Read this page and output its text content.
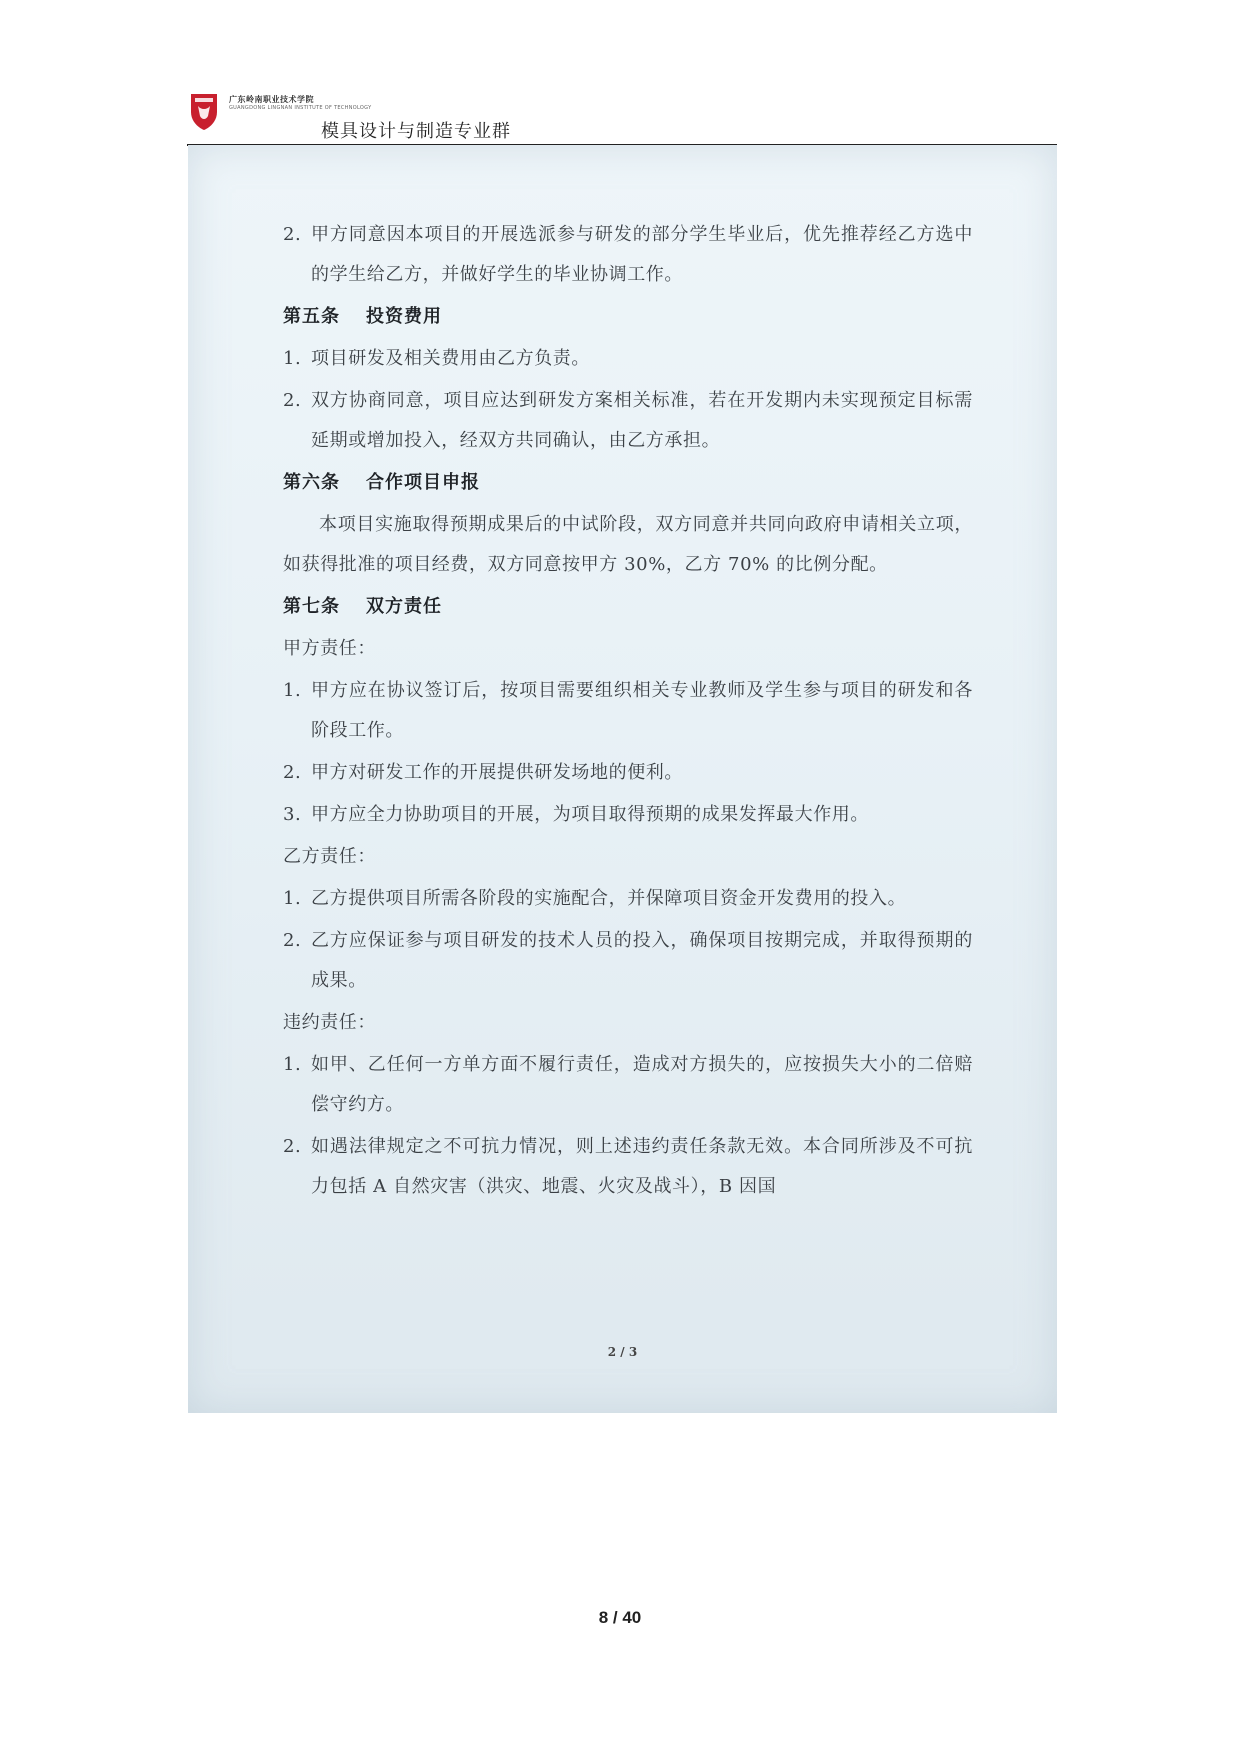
广东岭南职业技术学院
GUANGDONG LINGNAN INSTITUTE OF TECHNOLOGY
模具设计与制造专业群
2. 甲方同意因本项目的开展选派参与研发的部分学生毕业后，优先推荐经乙方选中的学生给乙方，并做好学生的毕业协调工作。
第五条 投资费用
1. 项目研发及相关费用由乙方负责。
2. 双方协商同意，项目应达到研发方案相关标准，若在开发期内未实现预定目标需延期或增加投入，经双方共同确认，由乙方承担。
第六条 合作项目申报
本项目实施取得预期成果后的中试阶段，双方同意并共同向政府申请相关立项，如获得批准的项目经费，双方同意按甲方 30%，乙方 70% 的比例分配。
第七条 双方责任
甲方责任：
1. 甲方应在协议签订后，按项目需要组织相关专业教师及学生参与项目的研发和各阶段工作。
2. 甲方对研发工作的开展提供研发场地的便利。
3. 甲方应全力协助项目的开展，为项目取得预期的成果发挥最大作用。
乙方责任：
1. 乙方提供项目所需各阶段的实施配合，并保障项目资金开发费用的投入。
2. 乙方应保证参与项目研发的技术人员的投入，确保项目按期完成，并取得预期的成果。
违约责任：
1. 如甲、乙任何一方单方面不履行责任，造成对方损失的，应按损失大小的二倍赔偿守约方。
2. 如遇法律规定之不可抗力情况，则上述违约责任条款无效。本合同所涉及不可抗力包括 A 自然灾害（洪灾、地震、火灾及战斗），B 因国
2 / 3
8 / 40
